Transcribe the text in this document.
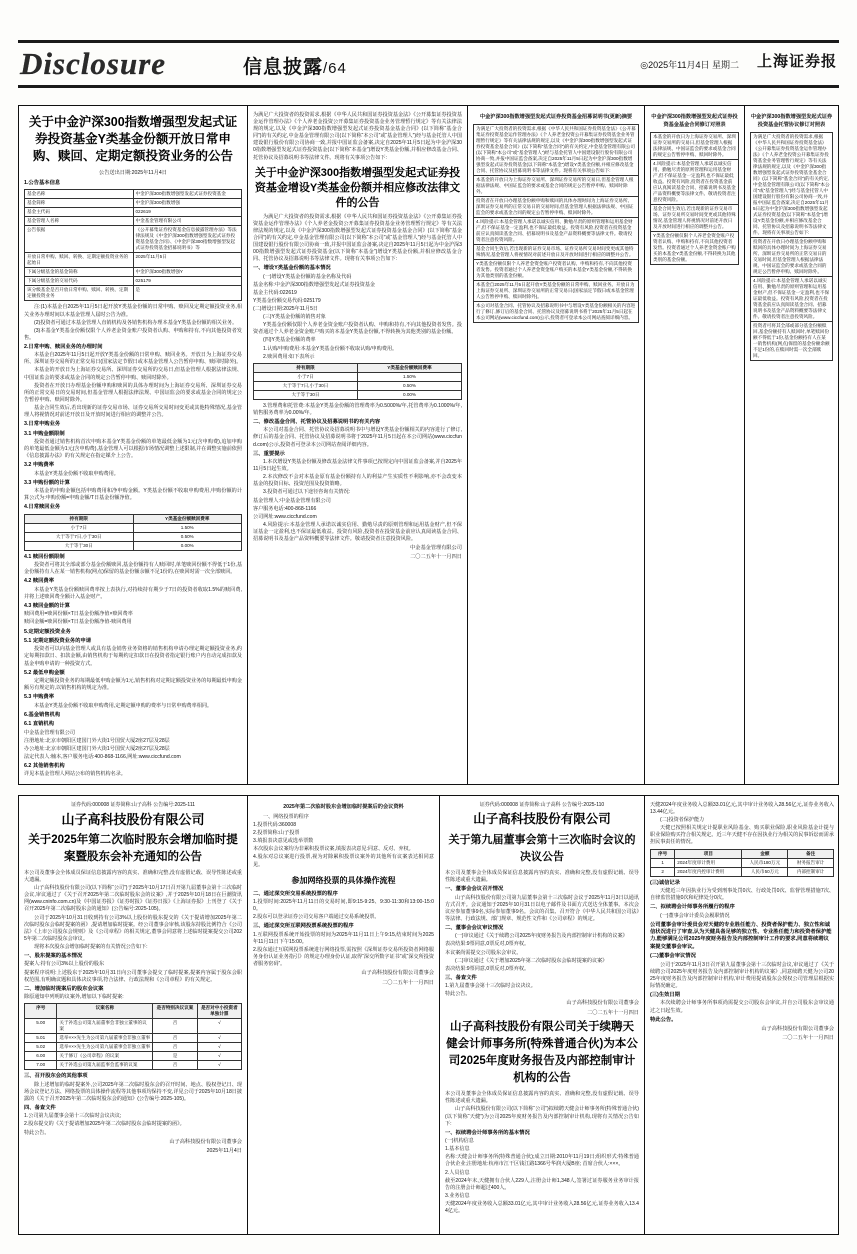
Disclosure	信息披露/64	◎2025年11月4日 星期二 上海证券报
关于中金沪深300指数增强型发起式证券投资基金Y类基金份额开放日常申购、赎回、定期定额投资业务的公告
公告送出日期:2025年11月4日
1.公告基本信息
基金名称	中金沪深300指数增强型发起式证券投资基金
基金简称	中金沪深300指数增强
基金主代码	022619
基金管理人名称	中金基金管理有限公司
公告依据	《公开募集证券投资基金信息披露管理办法》等法律法规及《中金沪深300指数增强型发起式证券投资基金基金合同》、《中金沪深300指数增强型发起式证券投资基金招募说明书》等
开放日常申购、赎回、转换、定期定额投资业务的起始日	2025年11月5日
下属分级基金的基金简称	中金沪深300指数增强Y
下属分级基金的交易代码	025179
该分级基金是否开放日常申购、赎回、转换、定期定额投资业务	是

注:(1)本基金自2025年11月5日起开放Y类基金份额的日常申购、赎回及定期定额投资业务,相关业务办理时间以本基金管理人届时公告为准。

(2)投资者可通过本基金管理人直销机构及各销售机构办理本基金Y类基金份额的相关业务。

(3)本基金Y类基金份额仅限个人养老金资金账户投资者认购、申购和持有,不向其他投资者发售。

2.日常申购、赎回业务的办理时间

本基金自2025年11月5日起开放Y类基金份额的日常申购、赎回业务。开放日为上海证券交易所、深圳证券交易所的正常交易日(国家法定节假日或本基金管理人公告暂停申购、赎回时除外)。

本基金的开放日为上海证券交易所、深圳证券交易所的交易日,但基金管理人根据法律法规、中国证监会的要求或基金合同的规定公告暂停申购、赎回时除外。

投资者在开放日办理基金份额申购和赎回的具体办理时间为上海证券交易所、深圳证券交易所的正常交易日的交易时间,但基金管理人根据法律法规、中国证监会的要求或基金合同的规定公告暂停申购、赎回时除外。

基金合同生效后,若出现新的证券交易市场、证券交易所交易时间变更或其他特殊情况,基金管理人将视情况对前述开放日及开放时间进行相应的调整并公告。

3.日常申购业务

3.1 申购金额限制

投资者通过销售机构首次申购本基金Y类基金份额的单笔最低金额为1元(含申购费),追加申购的单笔最低金额为1元(含申购费),基金管理人可以根据市场情况调整上述限制,并在调整实施前依照《信息披露办法》的有关规定在指定媒介上公告。

3.2 申购费率

本基金Y类基金份额不收取申购费用。

3.3 申购份额的计算

本基金的申购金额包括申购费用和净申购金额。Y类基金份额不收取申购费用,申购份额的计算公式为:申购份额=申购金额/T日基金份额净值。

4.日常赎回业务

持有期限	Y类基金份额赎回费率
小于7日	1.50%
大于等于7日,小于30日	0.50%
大于等于30日	0.00%

4.1 赎回份额限制

投资者可将其全部或部分基金份额赎回,基金份额持有人赎回时,单笔赎回份额不得低于1份,基金份额持有人在某一销售机构(网点)保留的基金份额余额不足1份的,在赎回时需一次全部赎回。

4.2 赎回费率

本基金Y类基金份额赎回费率按上表执行,对持续持有期少于7日的投资者收取1.5%的赎回费,并将上述赎回费全额计入基金财产。

4.3 赎回金额的计算

赎回费用=赎回份额×T日基金份额净值×赎回费率

赎回金额=赎回份额×T日基金份额净值-赎回费用

5.定期定额投资业务

5.1 定期定额投资业务的申请

投资者可以向基金管理人或具有基金销售业务资格的销售机构申请办理定期定额投资业务,约定每期扣款日、扣款金额,由销售机构于每期约定扣款日在投资者指定银行账户内自动完成扣款及基金申购申请的一种投资方式。

5.2 最低申购金额

定期定额投资业务的每期最低申购金额为1元,销售机构对定期定额投资业务的每期最低申购金额另有规定的,以销售机构的规定为准。

5.3 申购费率

本基金Y类基金份额不收取申购费用,定期定额申购的费率与日常申购费率相同。

6.基金销售机构

6.1 直销机构

中金基金管理有限公司

注册地址:北京市朝阳区建国门外大街1号国贸大厦2座27层及28层

办公地址:北京市朝阳区建国门外大街1号国贸大厦2座27层及28层

法定代表人:楠本,客户服务电话:400-868-1166,网址:www.ciccfund.com

6.2 其他销售机构

详见本基金管理人网站公布的销售机构名录。

为满足广大投资者的投资需求,根据《中华人民共和国证券投资基金法》《公开募集证券投资基金运作管理办法》《个人养老金投资公开募集证券投资基金业务管理暂行规定》等有关法律法规的规定,以及《中金沪深300指数增强型发起式证券投资基金基金合同》(以下简称“基金合同”)的有关约定,中金基金管理有限公司(以下简称“本公司”或“基金管理人”)经与基金托管人中国建设银行股份有限公司协商一致,并报中国证监会备案,决定自2025年11月5日起为中金沪深300指数增强型发起式证券投资基金(以下简称“本基金”)增设Y类基金份额,并相应修改基金合同、托管协议及招募说明书等法律文件。现将有关事项公告如下:

关于中金沪深300指数增强型发起式证券投资基金增设Y类基金份额并相应修改法律文件的公告

为满足广大投资者的投资需求,根据《中华人民共和国证券投资基金法》《公开募集证券投资基金运作管理办法》《个人养老金投资公开募集证券投资基金业务管理暂行规定》等有关法律法规的规定,以及《中金沪深300指数增强型发起式证券投资基金基金合同》(以下简称“基金合同”)的有关约定,中金基金管理有限公司(以下简称“本公司”或“基金管理人”)经与基金托管人中国建设银行股份有限公司协商一致,并报中国证监会备案,决定自2025年11月5日起为中金沪深300指数增强型发起式证券投资基金(以下简称“本基金”)增设Y类基金份额,并相应修改基金合同、托管协议及招募说明书等法律文件。现将有关事项公告如下:

一、增设Y类基金份额的基本情况

(一)增设Y类基金份额的基金名称及代码

基金名称:中金沪深300指数增强型发起式证券投资基金

基金主代码:022619

Y类基金份额交易代码:025179

(二)增设日期:2025年11月5日

(三)Y类基金份额的销售对象

Y类基金份额仅限个人养老金资金账户投资者认购、申购和持有,不向其他投资者发售。投资者通过个人养老金资金账户购买的本基金Y类基金份额,不得转换为其他类别的基金份额。

(四)Y类基金份额的费率

1.认购/申购费用:本基金Y类基金份额不收取认购/申购费用。

2.赎回费用:如下表所示

持有期限	Y类基金份额赎回费率
小于7日	1.50%
大于等于7日,小于30日	0.50%
大于等于30日	0.00%

3.管理费和托管费:本基金Y类基金份额的管理费率为0.5000%/年,托管费率为0.1000%/年,销售服务费率为0.00%/年。

二、修改基金合同、托管协议及招募说明书的有关内容

本公司对基金合同、托管协议及招募说明书中与增设Y类基金份额相关的内容进行了修订,修订后的基金合同、托管协议及招募说明书将于2025年11月5日起在本公司网站(www.ciccfund.com)公示,投资者可登录本公司网站查阅详细内容。

三、重要提示

1.本次增设Y类基金份额及修改基金法律文件事项已按规定向中国证监会备案,并自2025年11月5日起生效。

2.本次修改不会对本基金原有基金份额持有人的利益产生实质性不利影响,亦不会改变本基金的投资目标、投资范围及投资策略。

3.投资者可通过以下途径咨询有关情况:

基金管理人:中金基金管理有限公司

客户服务电话:400-868-1166

公司网址:www.ciccfund.com

4.风险提示:本基金管理人承诺以诚实信用、勤勉尽责的原则管理和运用基金财产,但不保证基金一定盈利,也不保证最低收益。投资有风险,投资者在投资基金前应认真阅读基金合同、招募说明书及基金产品资料概要等法律文件。敬请投资者注意投资风险。

中金基金管理有限公司
二〇二五年十一月四日
中金沪深300指数增强型发起式证券投资基金招募说明书(更新)摘要
为满足广大投资者的投资需求,根据《中华人民共和国证券投资基金法》《公开募集证券投资基金运作管理办法》《个人养老金投资公开募集证券投资基金业务管理暂行规定》等有关法律法规的规定,以及《中金沪深300指数增强型发起式证券投资基金基金合同》(以下简称“基金合同”)的有关约定,中金基金管理有限公司(以下简称“本公司”或“基金管理人”)经与基金托管人中国建设银行股份有限公司协商一致,并报中国证监会备案,决定自2025年11月5日起为中金沪深300指数增强型发起式证券投资基金(以下简称“本基金”)增设Y类基金份额,并相应修改基金合同、托管协议及招募说明书等法律文件。现将有关事项公告如下:
本基金的开放日为上海证券交易所、深圳证券交易所的交易日,但基金管理人根据法律法规、中国证监会的要求或基金合同的规定公告暂停申购、赎回时除外。
投资者在开放日办理基金份额申购和赎回的具体办理时间为上海证券交易所、深圳证券交易所的正常交易日的交易时间,但基金管理人根据法律法规、中国证监会的要求或基金合同的规定公告暂停申购、赎回时除外。
4.风险提示:本基金管理人承诺以诚实信用、勤勉尽责的原则管理和运用基金财产,但不保证基金一定盈利,也不保证最低收益。投资有风险,投资者在投资基金前应认真阅读基金合同、招募说明书及基金产品资料概要等法律文件。敬请投资者注意投资风险。
基金合同生效后,若出现新的证券交易市场、证券交易所交易时间变更或其他特殊情况,基金管理人将视情况对前述开放日及开放时间进行相应的调整并公告。
Y类基金份额仅限个人养老金资金账户投资者认购、申购和持有,不向其他投资者发售。投资者通过个人养老金资金账户购买的本基金Y类基金份额,不得转换为其他类别的基金份额。
本基金自2025年11月5日起开放Y类基金份额的日常申购、赎回业务。开放日为上海证券交易所、深圳证券交易所的正常交易日(国家法定节假日或本基金管理人公告暂停申购、赎回时除外)。
本公司对基金合同、托管协议及招募说明书中与增设Y类基金份额相关的内容进行了修订,修订后的基金合同、托管协议及招募说明书将于2025年11月5日起在本公司网站(www.ciccfund.com)公示,投资者可登录本公司网站查阅详细内容。
中金沪深300指数增强型发起式证券投资基金基金合同修订对照表
本基金的开放日为上海证券交易所、深圳证券交易所的交易日,但基金管理人根据法律法规、中国证监会的要求或基金合同的规定公告暂停申购、赎回时除外。
4.风险提示:本基金管理人承诺以诚实信用、勤勉尽责的原则管理和运用基金财产,但不保证基金一定盈利,也不保证最低收益。投资有风险,投资者在投资基金前应认真阅读基金合同、招募说明书及基金产品资料概要等法律文件。敬请投资者注意投资风险。
基金合同生效后,若出现新的证券交易市场、证券交易所交易时间变更或其他特殊情况,基金管理人将视情况对前述开放日及开放时间进行相应的调整并公告。
Y类基金份额仅限个人养老金资金账户投资者认购、申购和持有,不向其他投资者发售。投资者通过个人养老金资金账户购买的本基金Y类基金份额,不得转换为其他类别的基金份额。
中金沪深300指数增强型发起式证券投资基金托管协议修订对照表
为满足广大投资者的投资需求,根据《中华人民共和国证券投资基金法》《公开募集证券投资基金运作管理办法》《个人养老金投资公开募集证券投资基金业务管理暂行规定》等有关法律法规的规定,以及《中金沪深300指数增强型发起式证券投资基金基金合同》(以下简称“基金合同”)的有关约定,中金基金管理有限公司(以下简称“本公司”或“基金管理人”)经与基金托管人中国建设银行股份有限公司协商一致,并报中国证监会备案,决定自2025年11月5日起为中金沪深300指数增强型发起式证券投资基金(以下简称“本基金”)增设Y类基金份额,并相应修改基金合同、托管协议及招募说明书等法律文件。现将有关事项公告如下:
投资者在开放日办理基金份额申购和赎回的具体办理时间为上海证券交易所、深圳证券交易所的正常交易日的交易时间,但基金管理人根据法律法规、中国证监会的要求或基金合同的规定公告暂停申购、赎回时除外。
4.风险提示:本基金管理人承诺以诚实信用、勤勉尽责的原则管理和运用基金财产,但不保证基金一定盈利,也不保证最低收益。投资有风险,投资者在投资基金前应认真阅读基金合同、招募说明书及基金产品资料概要等法律文件。敬请投资者注意投资风险。
投资者可将其全部或部分基金份额赎回,基金份额持有人赎回时,单笔赎回份额不得低于1份,基金份额持有人在某一销售机构(网点)保留的基金份额余额不足1份的,在赎回时需一次全部赎回。
证券代码:000008 证券简称:山子高科 公告编号:2025-111
山子高科技股份有限公司
关于2025年第二次临时股东会增加临时提案暨股东会补充通知的公告

本公司及董事会全体成员保证信息披露内容的真实、准确和完整,没有虚假记载、误导性陈述或重大遗漏。

山子高科技股份有限公司(以下简称“公司”)于2025年10月17日召开第九届董事会第十三次临时会议,审议通过了《关于召开2025年第二次临时股东会的议案》,并于2025年10月18日在巨潮资讯网(www.cninfo.com.cn)及《中国证券报》《证券时报》《证券日报》《上海证券报》上刊登了《关于召开2025年第二次临时股东会的通知》(公告编号:2025-105)。

公司于2025年10月31日收到持有公司3%以上股份的股东提交的《关于提请增加2025年第二次临时股东会临时提案的函》,提请增加临时提案。经公司董事会审核,该股东持股比例符合《公司法》《上市公司股东会规则》及《公司章程》的相关规定,董事会同意将上述临时提案提交公司2025年第二次临时股东会审议。

现将本次股东会增加临时提案的有关情况公告如下:

一、股东提案的基本情况

提案人:持有公司3%以上股份的股东

提案程序说明:上述股东于2025年10月31日向公司董事会提交了临时提案,提案内容属于股东会职权范围,有明确议题和具体决议事项,符合法律、行政法规和《公司章程》的有关规定。

二、增加临时提案后的股东会议案

除原通知中列明的议案外,增加以下临时提案:

序号	议案名称	是否特别决议议案	是否对中小投资者单独计票
5.00	关于补选公司第九届董事会非独立董事的议案	否	√
5.01	选举×××先生为公司第九届董事会非独立董事	否	√
5.02	选举×××先生为公司第九届董事会非独立董事	否	√
6.00	关于修订《公司章程》的议案	是	√
7.00	关于补选公司第九届监事会监事的议案	否	√

三、召开股东会的其他事项

除上述增加的临时提案外,公司2025年第二次临时股东会的召开时间、地点、股权登记日、现场会议登记方法、网络投票的具体操作流程等其他事项均保持不变,详见公司于2025年10月18日披露的《关于召开2025年第二次临时股东会的通知》(公告编号:2025-105)。

四、备查文件

1.公司第九届董事会第十三次临时会议决议;

2.股东提交的《关于提请增加2025年第二次临时股东会临时提案的函》。

特此公告。

山子高科技股份有限公司董事会
2025年11月4日
2025年第二次临时股东会增加临时提案后的会议资料

一、网络投票的程序

1.投票代码:360008

2.投票简称:山子投票

3.填报表决意见或选举票数

本次股东会议案均为非累积投票议案,填报表决意见:同意、反对、弃权。

4.股东对总议案进行投票,视为对除累积投票议案外的其他所有议案表达相同意见。

参加网络投票的具体操作流程

二、通过深交所交易系统投票的程序

1.投票时间:2025年11月11日的交易时间,即9:15-9:25、9:30-11:30和13:00-15:00。

2.股东可以登录证券公司交易客户端通过交易系统投票。

三、通过深交所互联网投票系统投票的程序

1.互联网投票系统开始投票的时间为2025年11月11日上午9:15,结束时间为2025年11月11日下午15:00。

2.股东通过互联网投票系统进行网络投票,需按照《深圳证券交易所投资者网络服务身份认证业务指引》的规定办理身份认证,取得“深交所数字证书”或“深交所投资者服务密码”。

山子高科技股份有限公司董事会
二〇二五年十一月四日
证券代码:000008 证券简称:山子高科 公告编号:2025-110
山子高科技股份有限公司
关于第九届董事会第十三次临时会议的决议公告

本公司及董事会全体成员保证信息披露内容的真实、准确和完整,没有虚假记载、误导性陈述或重大遗漏。

一、董事会会议召开情况

山子高科技股份有限公司第九届董事会第十三次临时会议于2025年11月3日以通讯方式召开。会议通知于2025年10月31日以电子邮件及书面方式送达全体董事。本次会议应参加董事9名,实际参加董事9名。会议的召集、召开符合《中华人民共和国公司法》等法律、行政法规、部门规章、规范性文件和《公司章程》的规定。

二、董事会会议审议情况

(一)审议通过《关于续聘公司2025年度财务报告及内部控制审计机构的议案》

表决结果:9票同意,0票反对,0票弃权。

本议案尚需提交公司股东会审议。

(二)审议通过《关于增加2025年第二次临时股东会临时提案的议案》

表决结果:9票同意,0票反对,0票弃权。

三、备查文件

1.第九届董事会第十三次临时会议决议。

特此公告。

山子高科技股份有限公司董事会
二〇二五年十一月四日
山子高科技股份有限公司关于续聘天健会计师事务所(特殊普通合伙)为本公司2025年度财务报告及内部控制审计机构的公告

本公司及董事会全体成员保证信息披露内容的真实、准确和完整,没有虚假记载、误导性陈述或重大遗漏。

山子高科技股份有限公司(以下简称“公司”)拟续聘天健会计师事务所(特殊普通合伙)(以下简称“天健”)为公司2025年度财务报告及内部控制审计机构,现将有关情况公告如下:

一、拟续聘会计师事务所的基本情况

(一)机构信息

1.基本信息

名称:天健会计师事务所(特殊普通合伙);成立日期:2010年11月19日;组织形式:特殊普通合伙企业;注册地址:杭州市江干区钱江路1366号华润大厦B座; 首席合伙人:×××。

2.人员信息

截至2024年末,天健拥有合伙人229人,注册会计师1,348人,签署过证券服务业务审计报告的注册会计师超过400人。

3.业务信息

天健2024年度业务收入总额33.01亿元,其中审计业务收入28.56亿元,证券业务收入13.44亿元。

天健2024年度业务收入总额33.01亿元,其中审计业务收入28.56亿元,证券业务收入13.44亿元。

(二)投资者保护能力

天健已按照相关规定计提职业风险基金、购买职业保险,职业风险基金计提与职业保险购买符合相关规定。近三年天健不存在因执业行为相关的民事诉讼而需承担民事责任的情况。

序号	项目	金额	备注
1	2024年度审计费用	人民币180万元	财务报告审计
2	2024年度内控审计费用	人民币50万元	内部控制审计

(三)诚信记录

天健近三年因执业行为受到刑事处罚0次、行政处罚0次、监督管理措施7次、自律监管措施0次和纪律处分0次。

二、拟续聘会计师事务所履行的程序

(一)董事会审计委员会履职情况

公司董事会审计委员会对天健的专业胜任能力、投资者保护能力、独立性和诚信状况进行了审查,认为天健具备足够的独立性、专业胜任能力和投资者保护能力,能够满足公司2025年度财务报告及内部控制审计工作的要求,同意将续聘议案提交董事会审议。

(二)董事会审议情况

公司于2025年11月3日召开第九届董事会第十三次临时会议,审议通过了《关于续聘公司2025年度财务报告及内部控制审计机构的议案》,同意续聘天健为公司2025年度财务报告及内部控制审计机构,审计费用提请股东会授权公司管理层根据实际情况确定。

(三)生效日期

本次续聘会计师事务所事项尚需提交公司股东会审议,并自公司股东会审议通过之日起生效。

特此公告。

山子高科技股份有限公司董事会
二〇二五年十一月四日
